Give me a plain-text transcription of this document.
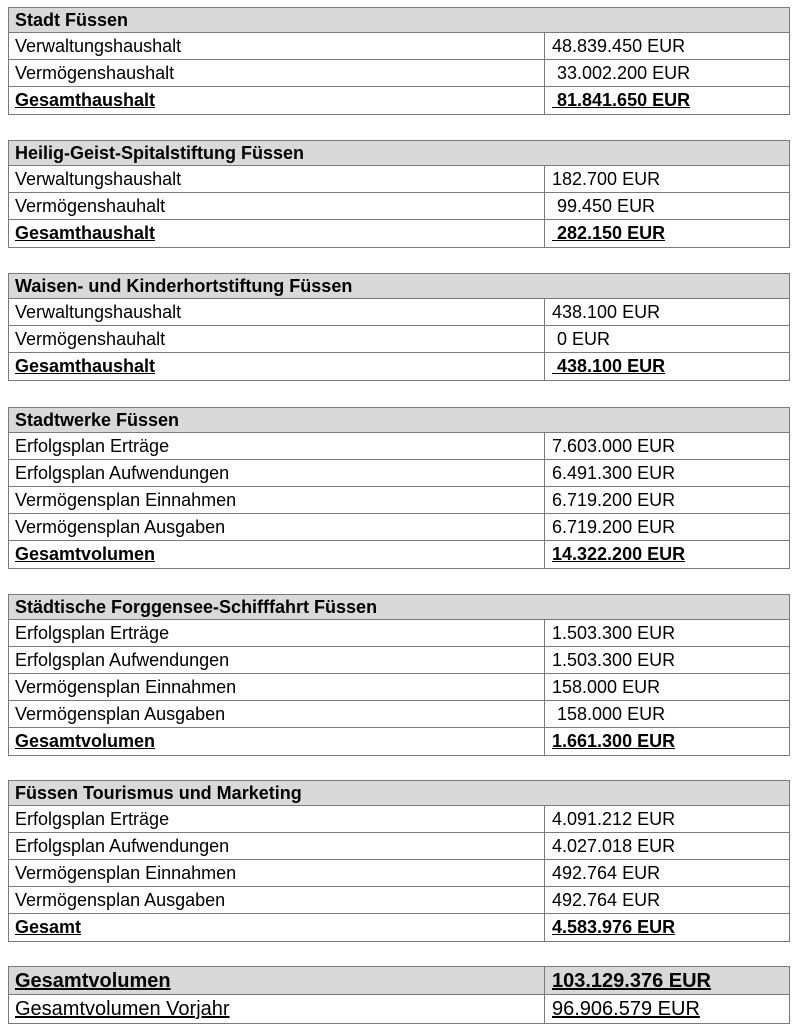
Stadt Füssen
Verwaltungshaushalt	48.839.450 EUR
Vermögenshaushalt	33.002.200 EUR
Gesamthaushalt	81.841.650 EUR
Heilig-Geist-Spitalstiftung Füssen
Verwaltungshaushalt	182.700 EUR
Vermögenshauhalt	99.450 EUR
Gesamthaushalt	282.150 EUR
Waisen- und Kinderhortstiftung Füssen
Verwaltungshaushalt	438.100 EUR
Vermögenshauhalt	0 EUR
Gesamthaushalt	438.100 EUR
Stadtwerke Füssen
Erfolgsplan Erträge	7.603.000 EUR
Erfolgsplan Aufwendungen	6.491.300 EUR
Vermögensplan Einnahmen	6.719.200 EUR
Vermögensplan Ausgaben	6.719.200 EUR
Gesamtvolumen	14.322.200 EUR
Städtische Forggensee-Schifffahrt Füssen
Erfolgsplan Erträge	1.503.300 EUR
Erfolgsplan Aufwendungen	1.503.300 EUR
Vermögensplan Einnahmen	158.000 EUR
Vermögensplan Ausgaben	158.000 EUR
Gesamtvolumen	1.661.300 EUR
Füssen Tourismus und Marketing
Erfolgsplan Erträge	4.091.212 EUR
Erfolgsplan Aufwendungen	4.027.018 EUR
Vermögensplan Einnahmen	492.764 EUR
Vermögensplan Ausgaben	492.764 EUR
Gesamt	4.583.976 EUR
Gesamtvolumen	103.129.376 EUR
Gesamtvolumen Vorjahr	96.906.579 EUR
